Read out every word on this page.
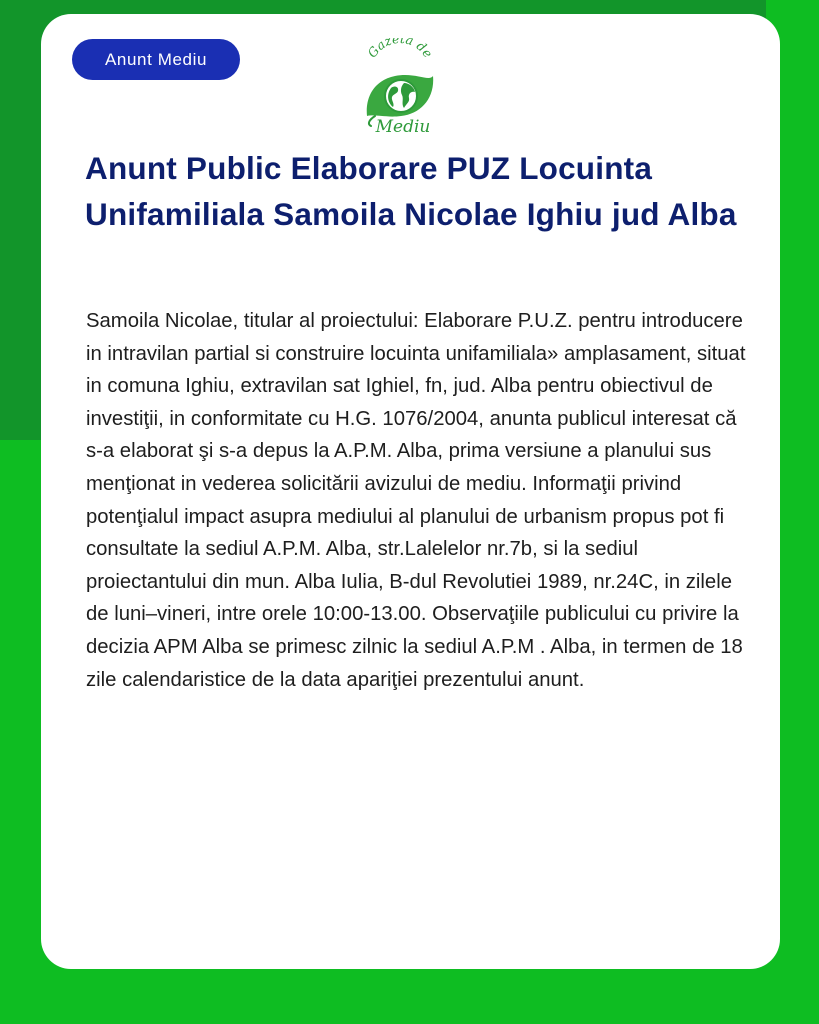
Anunt Mediu	Gazeta de
Mediu
Anunt Public Elaborare PUZ Locuinta Unifamiliala Samoila Nicolae Ighiu jud Alba

Samoila Nicolae, titular al proiectului: Elaborare P.U.Z. pentru introducere in intravilan partial si construire locuinta unifamiliala» amplasament, situat in comuna Ighiu, extravilan sat Ighiel, fn, jud. Alba pentru obiectivul de investiţii, in conformitate cu H.G. 1076/2004, anunta publicul interesat că s-a elaborat şi s-a depus la A.P.M. Alba, prima versiune a planului sus menţionat in vederea solicitării avizului de mediu. Informaţii privind potenţialul impact asupra mediului al planului de urbanism propus pot fi consultate la sediul A.P.M. Alba, str.Lalelelor nr.7b, si la sediul proiectantului din mun. Alba Iulia, B-dul Revolutiei 1989, nr.24C, in zilele de luni–vineri, intre orele 10:00-13.00. Observaţiile publicului cu privire la decizia APM Alba se primesc zilnic la sediul A.P.M . Alba, in termen de 18 zile calendaristice de la data apariţiei prezentului anunt.
